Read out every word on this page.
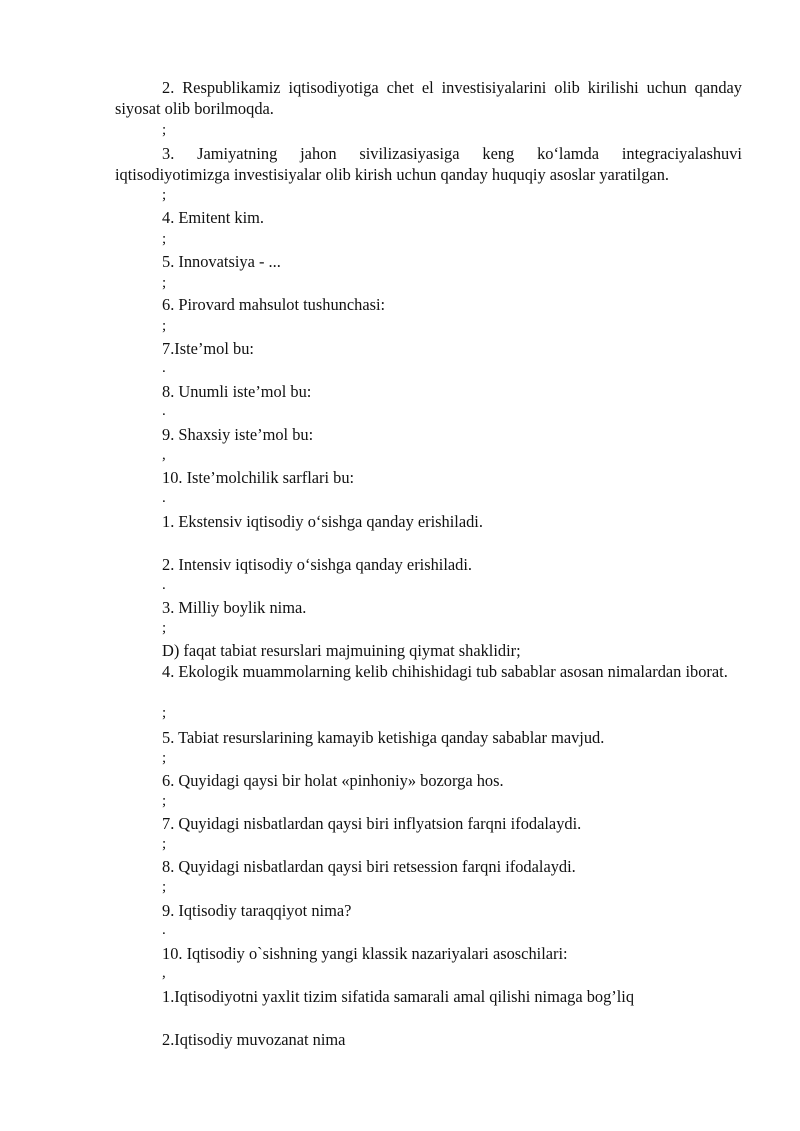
2. Respublikamiz iqtisodiyotiga chet el investisiyalarini olib kirilishi uchun qanday siyosat olib borilmoqda.
;
3. Jamiyatning jahon sivilizasiyasiga keng ko‘lamda integraciyalashuvi iqtisodiyotimizga investisiyalar olib kirish uchun qanday huquqiy asoslar yaratilgan.
;
4. Emitent kim.
;
5. Innovatsiya - ...
;
6. Pirovard mahsulot tushunchasi:
;
7.Iste’mol bu:
.
8. Unumli iste’mol bu:
.
9. Shaxsiy iste’mol bu:
,
10. Iste’molchilik sarflari bu:
.
1. Ekstensiv iqtisodiy o‘sishga qanday erishiladi.
2. Intensiv iqtisodiy o‘sishga qanday erishiladi.
.
3. Milliy boylik nima.
;
D) faqat tabiat resurslari majmuining qiymat shaklidir;
4. Ekologik muammolarning kelib chihishidagi tub sabablar asosan nimalardan iborat.
;
5. Tabiat resurslarining kamayib ketishiga qanday sabablar mavjud.
;
6. Quyidagi qaysi bir holat «pinhoniy» bozorga hos.
;
7. Quyidagi nisbatlardan qaysi biri inflyatsion farqni ifodalaydi.
;
8. Quyidagi nisbatlardan qaysi biri retsession farqni ifodalaydi.
;
9. Iqtisodiy taraqqiyot nima?
.
10. Iqtisodiy o`sishning yangi klassik nazariyalari asoschilari:
,
1.Iqtisodiyotni yaxlit tizim sifatida samarali amal qilishi nimaga bog’liq
2.Iqtisodiy muvozanat nima
